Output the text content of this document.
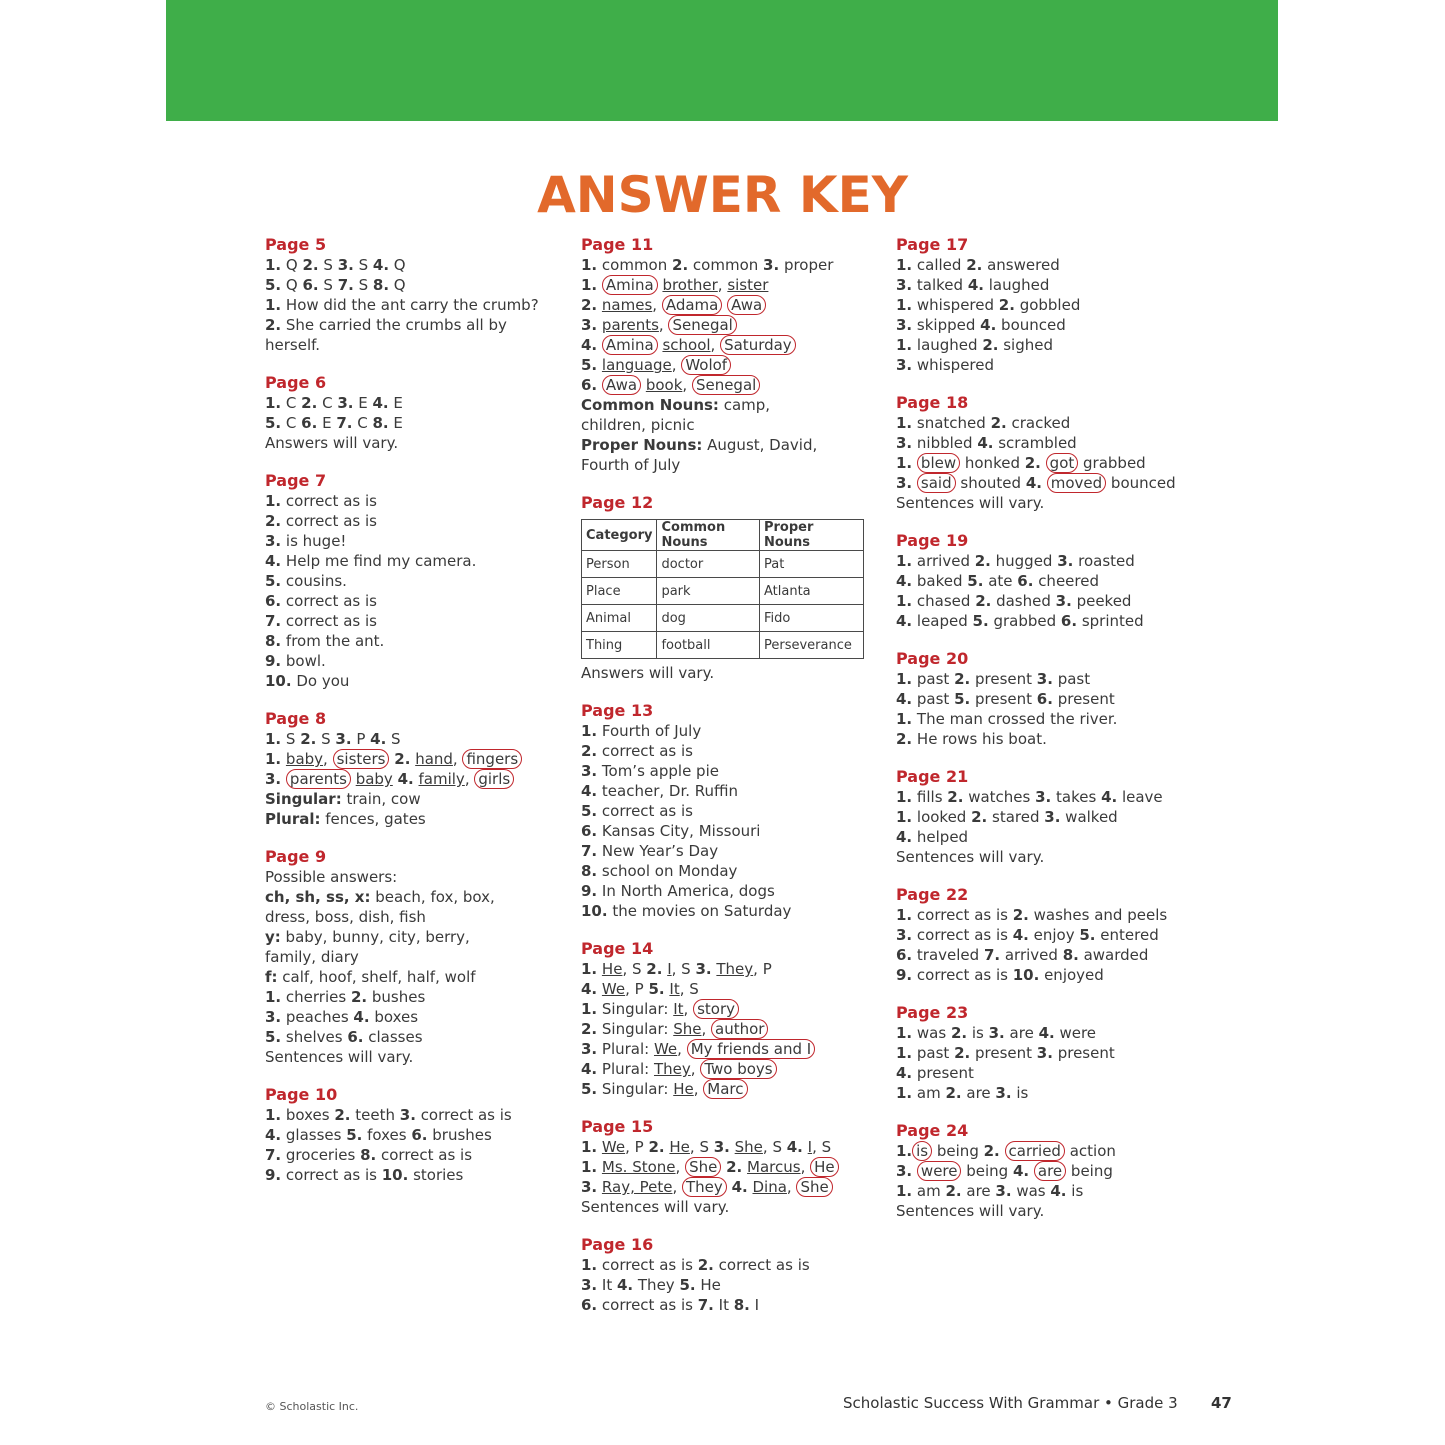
ANSWER KEY
Page 5
1. Q 2. S 3. S 4. Q
5. Q 6. S 7. S 8. Q
1. How did the ant carry the crumb?
2. She carried the crumbs all by
herself.
Page 6
1. C 2. C 3. E 4. E
5. C 6. E 7. C 8. E
Answers will vary.
Page 7
1. correct as is
2. correct as is
3. is huge!
4. Help me find my camera.
5. cousins.
6. correct as is
7. correct as is
8. from the ant.
9. bowl.
10. Do you
Page 8
1. S 2. S 3. P 4. S
1. baby, sisters 2. hand, fingers
3. parents baby 4. family, girls
Singular: train, cow
Plural: fences, gates
Page 9
Possible answers:
ch, sh, ss, x: beach, fox, box,
dress, boss, dish, fish
y: baby, bunny, city, berry,
family, diary
f: calf, hoof, shelf, half, wolf
1. cherries 2. bushes
3. peaches 4. boxes
5. shelves 6. classes
Sentences will vary.
Page 10
1. boxes 2. teeth 3. correct as is
4. glasses 5. foxes 6. brushes
7. groceries 8. correct as is
9. correct as is 10. stories
Page 11
1. common 2. common 3. proper
1. Amina brother, sister
2. names, Adama Awa
3. parents, Senegal
4. Amina school, Saturday
5. language, Wolof
6. Awa book, Senegal
Common Nouns: camp,
children, picnic
Proper Nouns: August, David,
Fourth of July
Page 12
Category	Common Nouns	Proper Nouns
Person	doctor	Pat
Place	park	Atlanta
Animal	dog	Fido
Thing	football	Perseverance
Answers will vary.
Page 13
1. Fourth of July
2. correct as is
3. Tom’s apple pie
4. teacher, Dr. Ruffin
5. correct as is
6. Kansas City, Missouri
7. New Year’s Day
8. school on Monday
9. In North America, dogs
10. the movies on Saturday
Page 14
1. He, S 2. I, S 3. They, P
4. We, P 5. It, S
1. Singular: It, story
2. Singular: She, author
3. Plural: We, My friends and I
4. Plural: They, Two boys
5. Singular: He, Marc
Page 15
1. We, P 2. He, S 3. She, S 4. I, S
1. Ms. Stone, She 2. Marcus, He
3. Ray, Pete, They 4. Dina, She
Sentences will vary.
Page 16
1. correct as is 2. correct as is
3. It 4. They 5. He
6. correct as is 7. It 8. I
Page 17
1. called 2. answered
3. talked 4. laughed
1. whispered 2. gobbled
3. skipped 4. bounced
1. laughed 2. sighed
3. whispered
Page 18
1. snatched 2. cracked
3. nibbled 4. scrambled
1. blew honked 2. got grabbed
3. said shouted 4. moved bounced
Sentences will vary.
Page 19
1. arrived 2. hugged 3. roasted
4. baked 5. ate 6. cheered
1. chased 2. dashed 3. peeked
4. leaped 5. grabbed 6. sprinted
Page 20
1. past 2. present 3. past
4. past 5. present 6. present
1. The man crossed the river.
2. He rows his boat.
Page 21
1. fills 2. watches 3. takes 4. leave
1. looked 2. stared 3. walked
4. helped
Sentences will vary.
Page 22
1. correct as is 2. washes and peels
3. correct as is 4. enjoy 5. entered
6. traveled 7. arrived 8. awarded
9. correct as is 10. enjoyed
Page 23
1. was 2. is 3. are 4. were
1. past 2. present 3. present
4. present
1. am 2. are 3. is
Page 24
1. is being 2. carried action
3. were being 4. are being
1. am 2. are 3. was 4. is
Sentences will vary.
© Scholastic Inc.	Scholastic Success With Grammar • Grade 3 47
